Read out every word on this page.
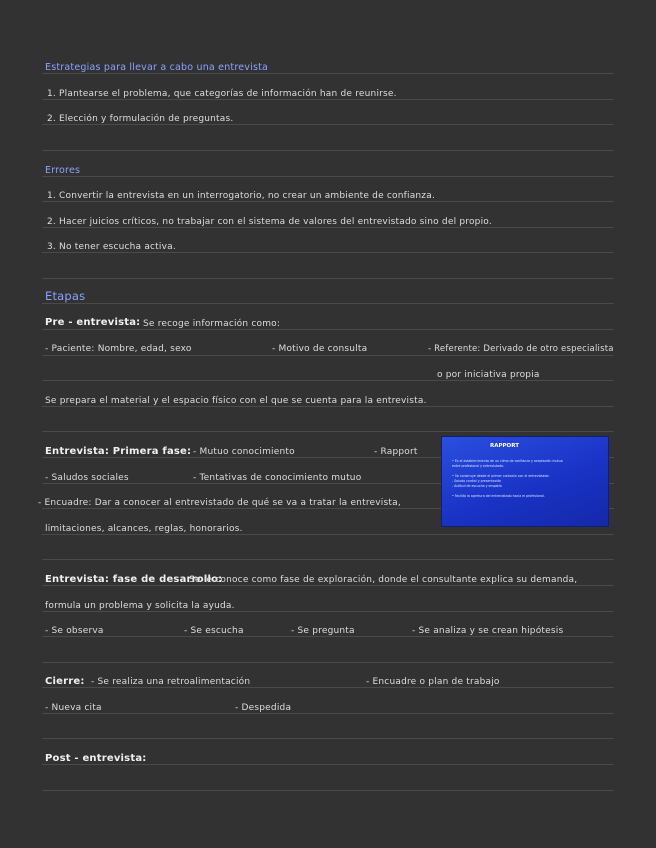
Estrategias para llevar a cabo una entrevista
1. Plantearse el problema, que categorías de información han de reunirse.
2. Elección y formulación de preguntas.
Errores
1. Convertir la entrevista en un interrogatorio, no crear un ambiente de confianza.
2. Hacer juicios críticos, no trabajar con el sistema de valores del entrevistado sino del propio.
3. No tener escucha activa.
Etapas
Pre - entrevista: Se recoge información como:
- Paciente: Nombre, edad, sexo	- Motivo de consulta	- Referente: Derivado de otro especialista
o por iniciativa propia
Se prepara el material y el espacio físico con el que se cuenta para la entrevista.
Entrevista: Primera fase: - Mutuo conocimiento	- Rapport
- Saludos sociales	- Tentativas de conocimiento mutuo
- Encuadre: Dar a conocer al entrevistado de qué se va a tratar la entrevista,
limitaciones, alcances, reglas, honorarios.
RAPPORT
• Es el establecimiento de un clima de confianza y aceptación mutua
entre profesional y entrevistado.
• Se construye desde el primer contacto con el entrevistado:
- Saludo cordial y presentación
- Actitud de escucha y empatía
• Facilita la apertura del entrevistado hacia el profesional.
Entrevista: fase de desarrollo:
Se le conoce como fase de exploración, donde el consultante explica su demanda,
formula un problema y solicita la ayuda.
- Se observa	- Se escucha	- Se pregunta	- Se analiza y se crean hipótesis
Cierre: - Se realiza una retroalimentación	- Encuadre o plan de trabajo
- Nueva cita	- Despedida
Post - entrevista:
